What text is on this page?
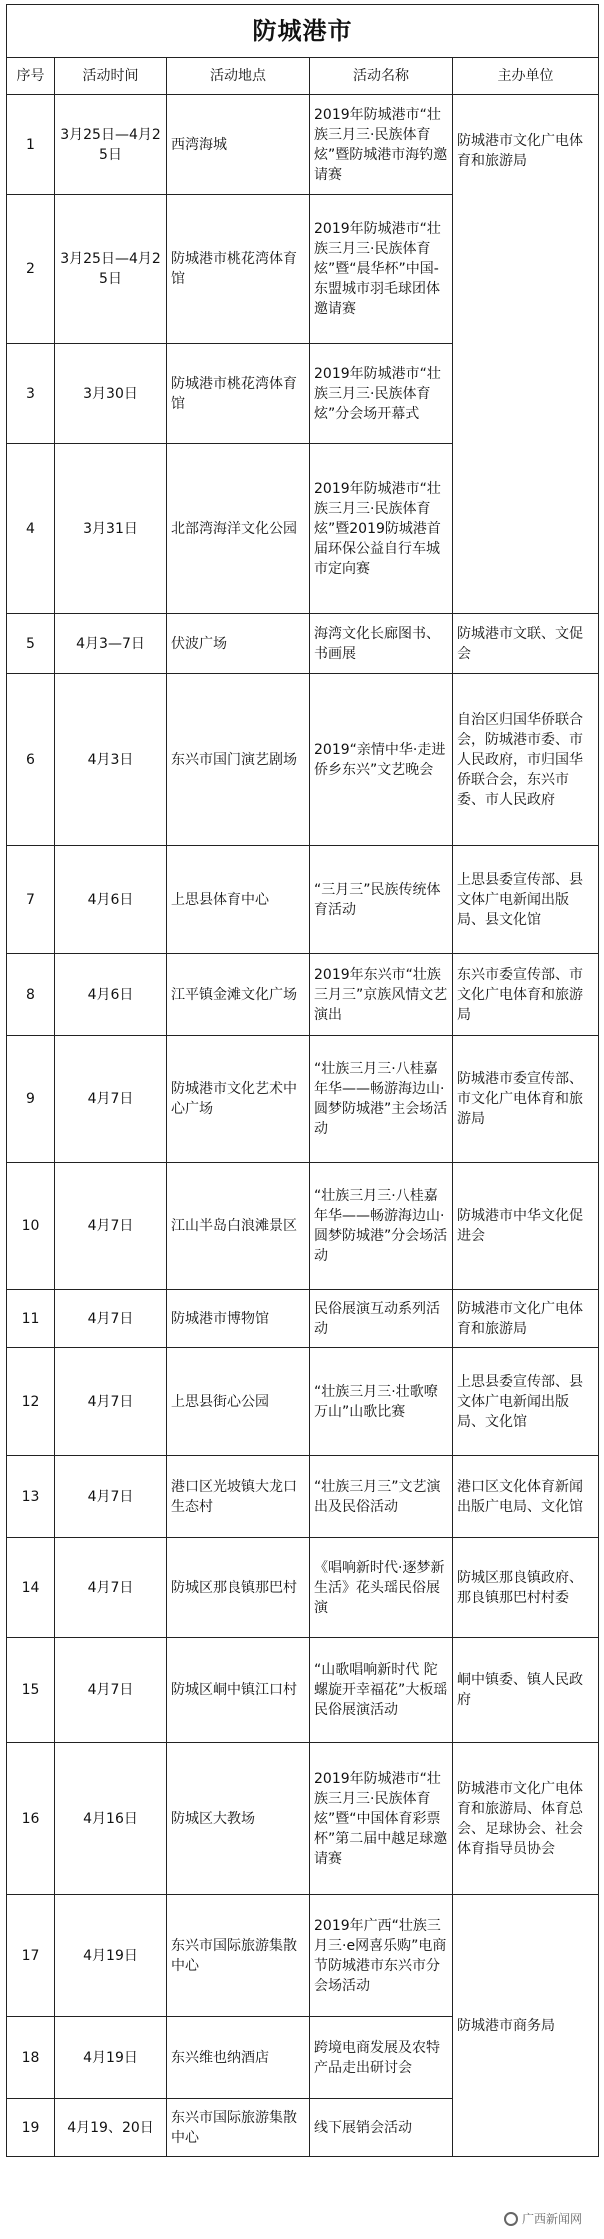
防城港市				
序号	活动时间	活动地点	活动名称	主办单位
1	3月25日—4月25日	西湾海城	2019年防城港市“壮族三月三·民族体育炫”暨防城港市海钓邀请赛	防城港市文化广电体育和旅游局
2	3月25日—4月25日	防城港市桃花湾体育馆	2019年防城港市“壮族三月三·民族体育炫”暨“晨华杯”中国-东盟城市羽毛球团体邀请赛	
3	3月30日	防城港市桃花湾体育馆	2019年防城港市“壮族三月三·民族体育炫”分会场开幕式	
4	3月31日	北部湾海洋文化公园	2019年防城港市“壮族三月三·民族体育炫”暨2019防城港首届环保公益自行车城市定向赛	
5	4月3—7日	伏波广场	海湾文化长廊图书、书画展	防城港市文联、文促会
6	4月3日	东兴市国门演艺剧场	2019“亲情中华·走进侨乡东兴”文艺晚会	自治区归国华侨联合会，防城港市委、市人民政府，市归国华侨联合会，东兴市委、市人民政府
7	4月6日	上思县体育中心	“三月三”民族传统体育活动	上思县委宣传部、县文体广电新闻出版局、县文化馆
8	4月6日	江平镇金滩文化广场	2019年东兴市“壮族三月三”京族风情文艺演出	东兴市委宣传部、市文化广电体育和旅游局
9	4月7日	防城港市文化艺术中心广场	“壮族三月三·八桂嘉年华——畅游海边山·圆梦防城港”主会场活动	防城港市委宣传部、市文化广电体育和旅游局
10	4月7日	江山半岛白浪滩景区	“壮族三月三·八桂嘉年华——畅游海边山·圆梦防城港”分会场活动	防城港市中华文化促进会
11	4月7日	防城港市博物馆	民俗展演互动系列活动	防城港市文化广电体育和旅游局
12	4月7日	上思县街心公园	“壮族三月三·壮歌嘹万山”山歌比赛	上思县委宣传部、县文体广电新闻出版局、文化馆
13	4月7日	港口区光坡镇大龙口生态村	“壮族三月三”文艺演出及民俗活动	港口区文化体育新闻出版广电局、文化馆
14	4月7日	防城区那良镇那巴村	《唱响新时代·逐梦新生活》花头瑶民俗展演	防城区那良镇政府、那良镇那巴村村委
15	4月7日	防城区峒中镇江口村	“山歌唱响新时代 陀螺旋开幸福花”大板瑶民俗展演活动	峒中镇委、镇人民政府
16	4月16日	防城区大教场	2019年防城港市“壮族三月三·民族体育炫”暨“中国体育彩票杯”第二届中越足球邀请赛	防城港市文化广电体育和旅游局、体育总会、足球协会、社会体育指导员协会
17	4月19日	东兴市国际旅游集散中心	2019年广西“壮族三月三·e网喜乐购”电商节防城港市东兴市分会场活动	防城港市商务局
18	4月19日	东兴维也纳酒店	跨境电商发展及农特产品走出研讨会	
19	4月19、20日	东兴市国际旅游集散中心	线下展销会活动	
广西新闻网
